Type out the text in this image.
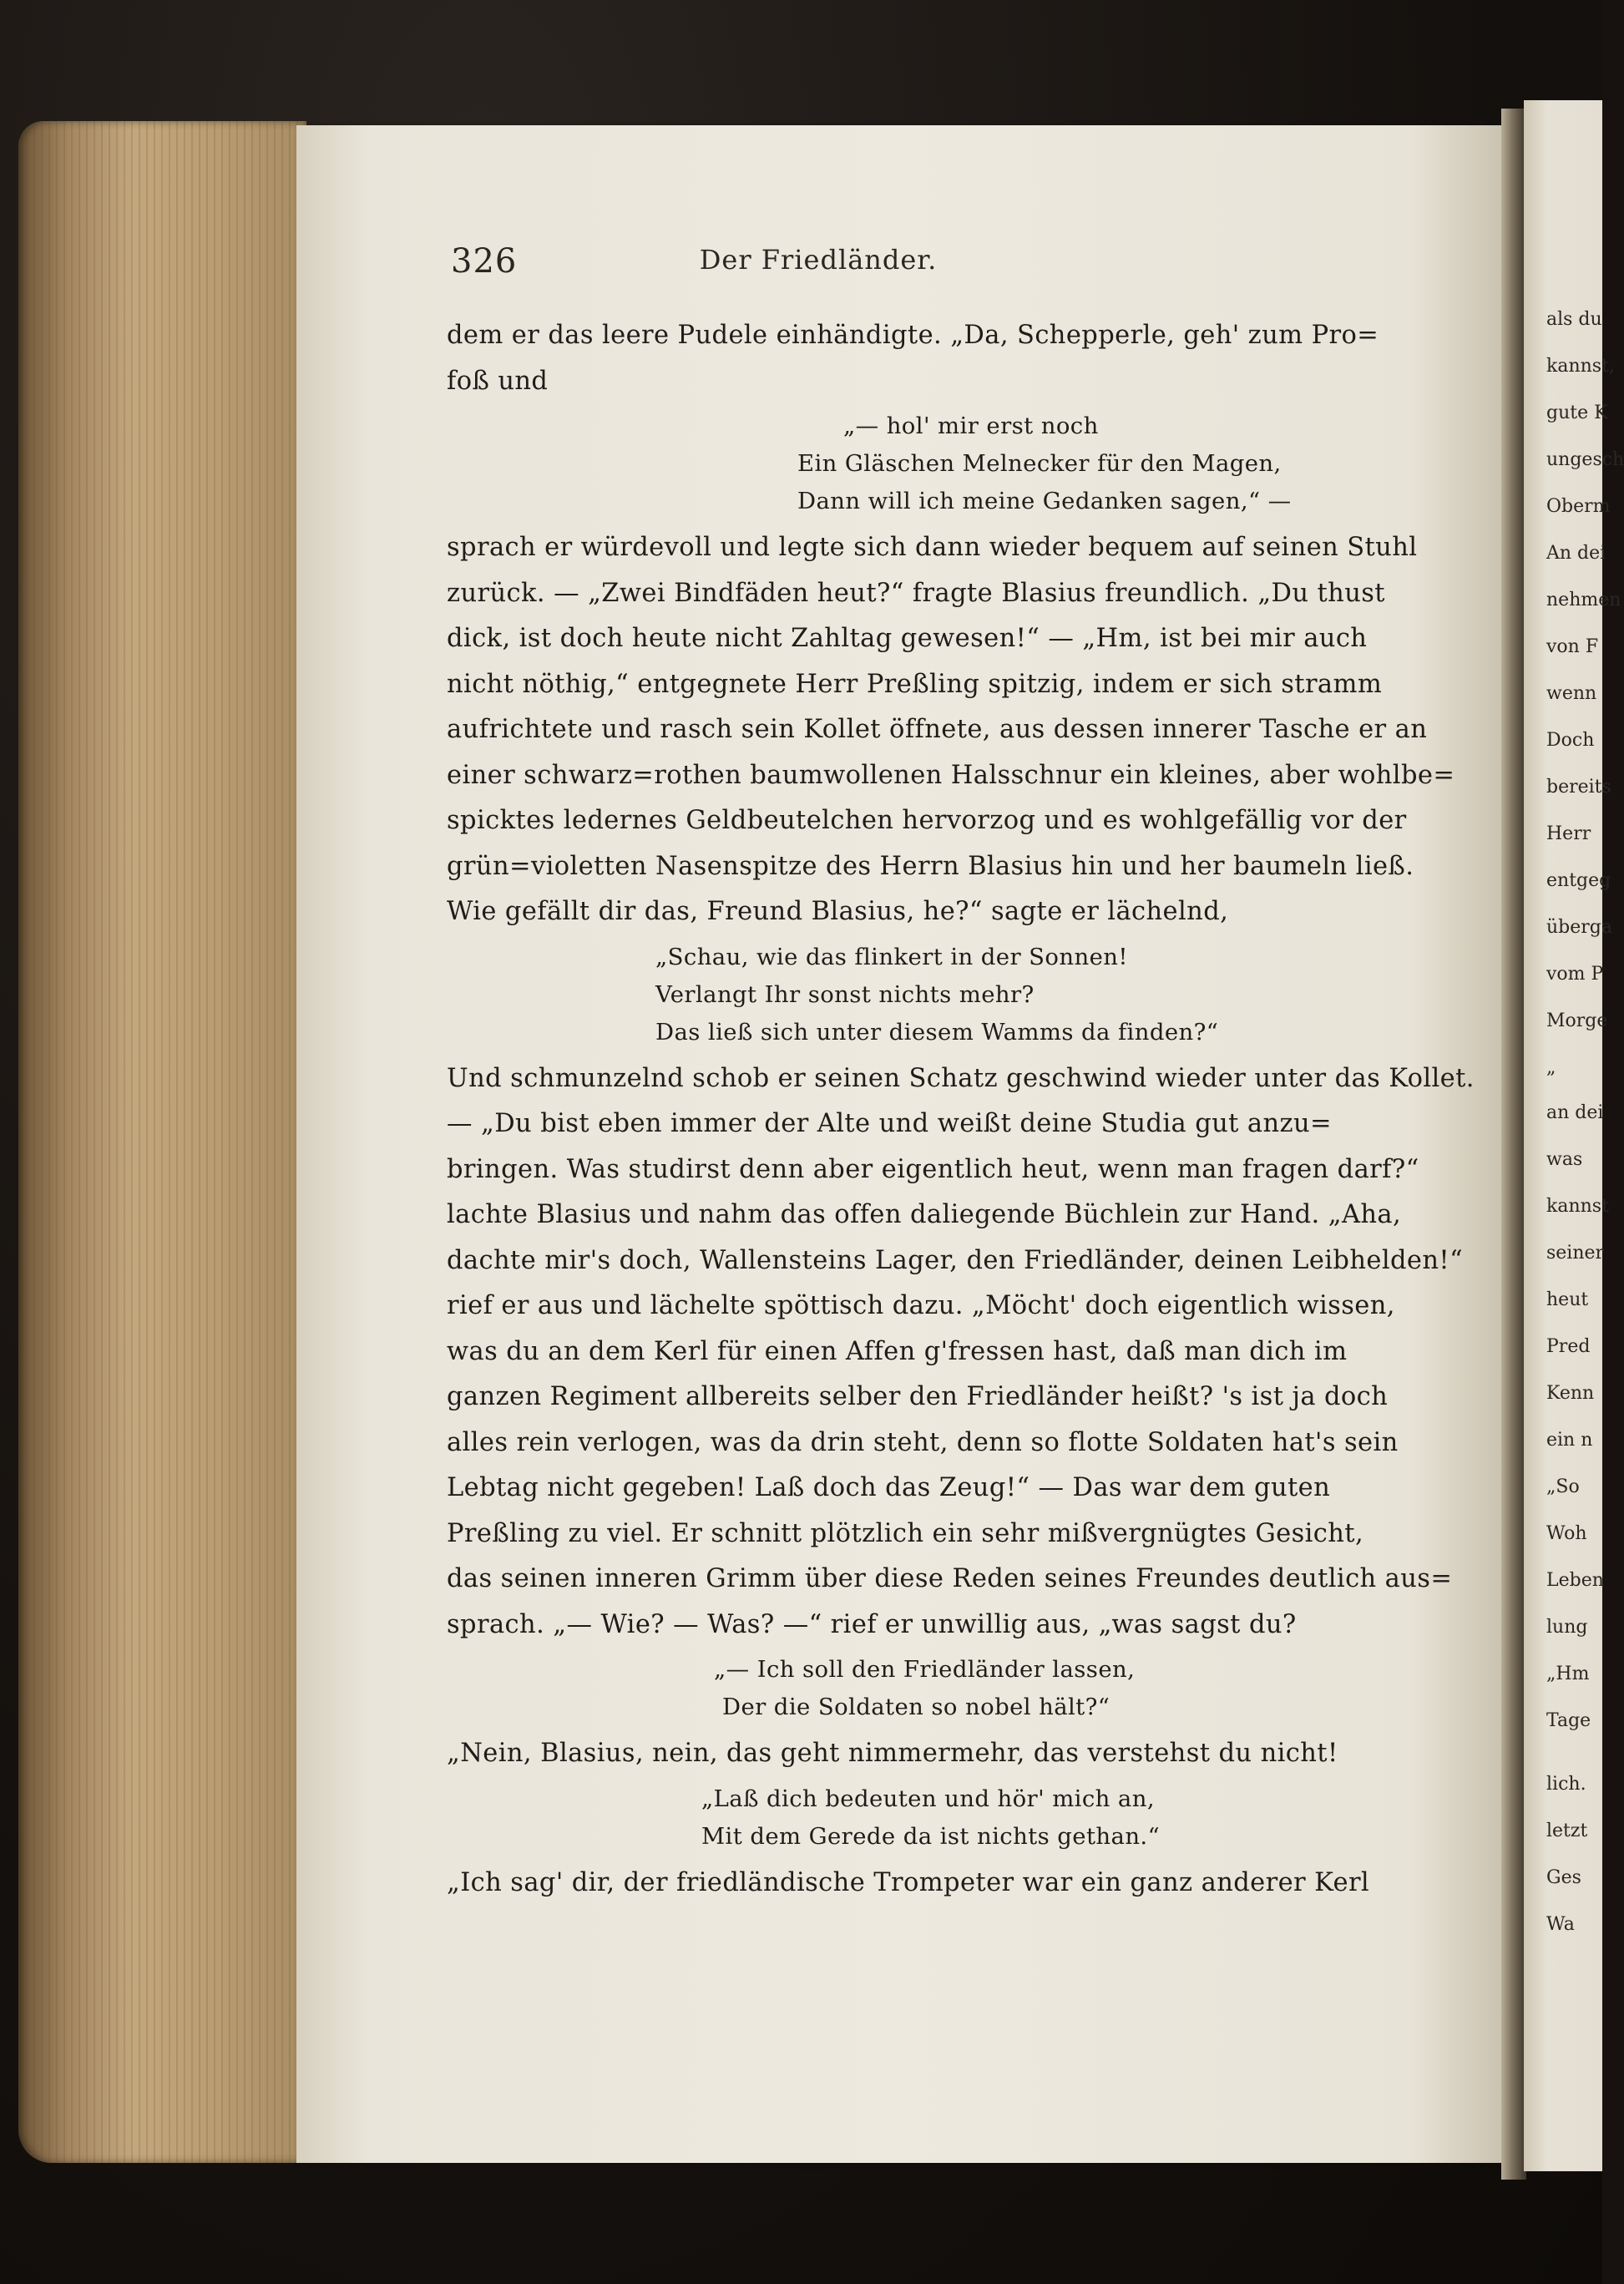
als du
kannst,
gute K
ungesch
Oberm
An dei
nehmen
von F
wenn
Doch
bereits
Herr
entgeg
überga
vom P
Morge
„
an dei
was
kannst
seiner
heut
Pred
Kenn
ein n
„So
Woh
Leben
lung
„Hm
Tage
lich.
letzt
Ges
Wa
326	Der Friedländer.
dem er das leere Pudele einhändigte. „Da, Schepperle, geh' zum Pro=
foß und
„— hol' mir erst noch
Ein Gläschen Melnecker für den Magen,
Dann will ich meine Gedanken sagen,“ —
sprach er würdevoll und legte sich dann wieder bequem auf seinen Stuhl
zurück. — „Zwei Bindfäden heut?“ fragte Blasius freundlich. „Du thust
dick, ist doch heute nicht Zahltag gewesen!“ — „Hm, ist bei mir auch
nicht nöthig,“ entgegnete Herr Preßling spitzig, indem er sich stramm
aufrichtete und rasch sein Kollet öffnete, aus dessen innerer Tasche er an
einer schwarz=rothen baumwollenen Halsschnur ein kleines, aber wohlbe=
spicktes ledernes Geldbeutelchen hervorzog und es wohlgefällig vor der
grün=violetten Nasenspitze des Herrn Blasius hin und her baumeln ließ.
Wie gefällt dir das, Freund Blasius, he?“ sagte er lächelnd,
„Schau, wie das flinkert in der Sonnen!
Verlangt Ihr sonst nichts mehr?
Das ließ sich unter diesem Wamms da finden?“
Und schmunzelnd schob er seinen Schatz geschwind wieder unter das Kollet.
— „Du bist eben immer der Alte und weißt deine Studia gut anzu=
bringen. Was studirst denn aber eigentlich heut, wenn man fragen darf?“
lachte Blasius und nahm das offen daliegende Büchlein zur Hand. „Aha,
dachte mir's doch, Wallensteins Lager, den Friedländer, deinen Leibhelden!“
rief er aus und lächelte spöttisch dazu. „Möcht' doch eigentlich wissen,
was du an dem Kerl für einen Affen g'fressen hast, daß man dich im
ganzen Regiment allbereits selber den Friedländer heißt? 's ist ja doch
alles rein verlogen, was da drin steht, denn so flotte Soldaten hat's sein
Lebtag nicht gegeben! Laß doch das Zeug!“ — Das war dem guten
Preßling zu viel. Er schnitt plötzlich ein sehr mißvergnügtes Gesicht,
das seinen inneren Grimm über diese Reden seines Freundes deutlich aus=
sprach. „— Wie? — Was? —“ rief er unwillig aus, „was sagst du?
„— Ich soll den Friedländer lassen,
Der die Soldaten so nobel hält?“
„Nein, Blasius, nein, das geht nimmermehr, das verstehst du nicht!
„Laß dich bedeuten und hör' mich an,
Mit dem Gerede da ist nichts gethan.“
„Ich sag' dir, der friedländische Trompeter war ein ganz anderer Kerl
